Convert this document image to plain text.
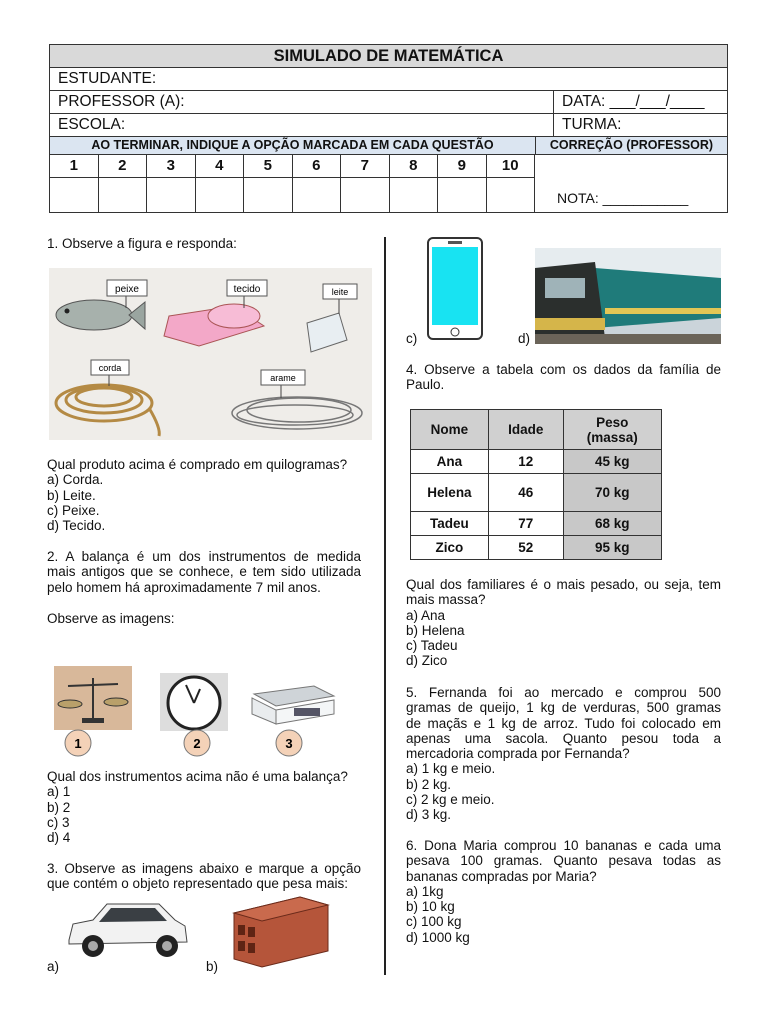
SIMULADO DE MATEMÁTICA
ESTUDANTE:
PROFESSOR (A):	DATA: ___/___/____
ESCOLA:	TURMA:
AO TERMINAR, INDIQUE A OPÇÃO MARCADA EM CADA QUESTÃO	CORREÇÃO (PROFESSOR)
1	2	3	4	5	6	7	8	9	10
NOTA: ___________
1. Observe a figura e responda:
peixe	tecido	leite
corda
arame
Qual produto acima é comprado em quilogramas?
a) Corda.
b) Leite.
c) Peixe.
d) Tecido.
2. A balança é um dos instrumentos de medida
mais antigos que se conhece, e tem sido utilizada
pelo homem há aproximadamente 7 mil anos.
Observe as imagens:
1	2	3
Qual dos instrumentos acima não é uma balança?
a) 1
b) 2
c) 3
d) 4
3. Observe as imagens abaixo e marque a opção
que contém o objeto representado que pesa mais:
a)	b)
c)	d)
4. Observe a tabela com os dados da família de
Paulo.
Nome	Idade	Peso
(massa)

Ana	12	45 kg
Helena	46	70 kg
Tadeu	77	68 kg
Zico	52	95 kg
Qual dos familiares é o mais pesado, ou seja, tem
mais massa?
a) Ana
b) Helena
c) Tadeu
d) Zico
5. Fernanda foi ao mercado e comprou 500
gramas de queijo, 1 kg de verduras, 500 gramas
de maçãs e 1 kg de arroz. Tudo foi colocado em
apenas uma sacola. Quanto pesou toda a
mercadoria comprada por Fernanda?
a) 1 kg e meio.
b) 2 kg.
c) 2 kg e meio.
d) 3 kg.
6. Dona Maria comprou 10 bananas e cada uma
pesava 100 gramas. Quanto pesava todas as
bananas compradas por Maria?
a) 1kg
b) 10 kg
c) 100 kg
d) 1000 kg
